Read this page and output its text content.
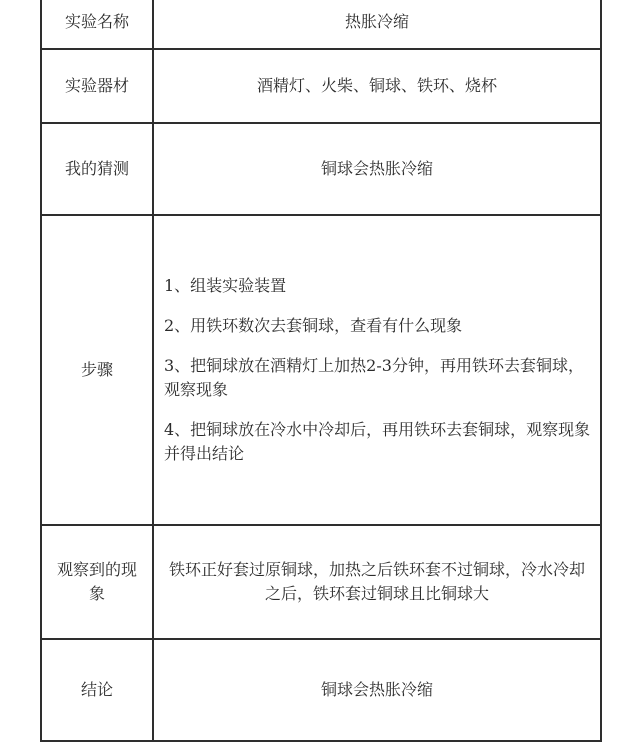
实验名称	热胀冷缩
实验器材	酒精灯、火柴、铜球、铁环、烧杯
我的猜测	铜球会热胀冷缩
步骤	1、组装实验装置
2、用铁环数次去套铜球，查看有什么现象
3、把铜球放在酒精灯上加热2-3分钟，再用铁环去套铜球，观察现象
4、把铜球放在冷水中冷却后，再用铁环去套铜球，观察现象并得出结论

观察到的现象	铁环正好套过原铜球，加热之后铁环套不过铜球，冷水冷却之后，铁环套过铜球且比铜球大

结论	铜球会热胀冷缩
